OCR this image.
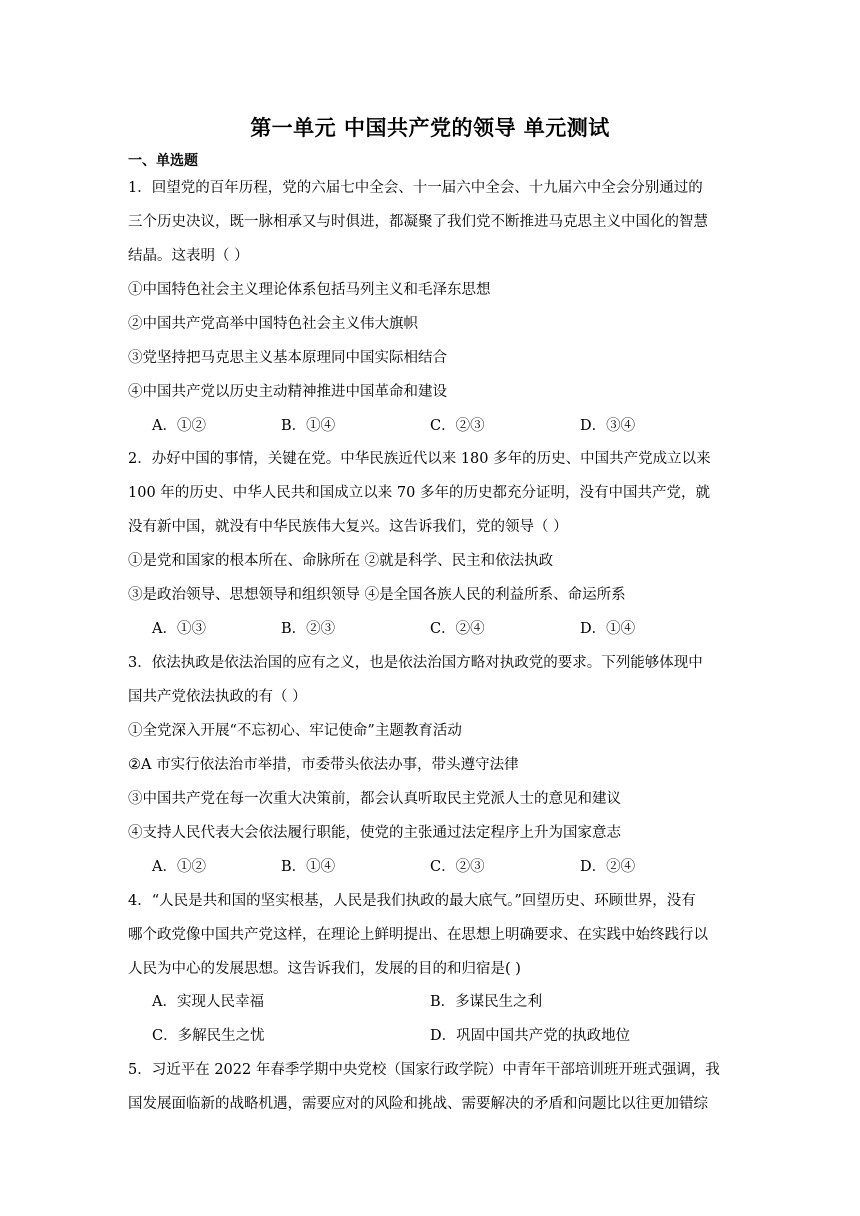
第一单元 中国共产党的领导 单元测试
一、单选题
1．回望党的百年历程，党的六届七中全会、十一届六中全会、十九届六中全会分别通过的
三个历史决议，既一脉相承又与时俱进，都凝聚了我们党不断推进马克思主义中国化的智慧
结晶。这表明（ ）
①中国特色社会主义理论体系包括马列主义和毛泽东思想
②中国共产党高举中国特色社会主义伟大旗帜
③党坚持把马克思主义基本原理同中国实际相结合
④中国共产党以历史主动精神推进中国革命和建设
A．①②	B．①④	C．②③	D．③④
2．办好中国的事情，关键在党。中华民族近代以来 180 多年的历史、中国共产党成立以来
100 年的历史、中华人民共和国成立以来 70 多年的历史都充分证明，没有中国共产党，就
没有新中国，就没有中华民族伟大复兴。这告诉我们，党的领导（ ）
①是党和国家的根本所在、命脉所在 ②就是科学、民主和依法执政
③是政治领导、思想领导和组织领导 ④是全国各族人民的利益所系、命运所系
A．①③	B．②③	C．②④	D．①④
3．依法执政是依法治国的应有之义，也是依法治国方略对执政党的要求。下列能够体现中
国共产党依法执政的有（ ）
①全党深入开展“不忘初心、牢记使命”主题教育活动
②A 市实行依法治市举措，市委带头依法办事，带头遵守法律
③中国共产党在每一次重大决策前，都会认真听取民主党派人士的意见和建议
④支持人民代表大会依法履行职能，使党的主张通过法定程序上升为国家意志
A．①②	B．①④	C．②③	D．②④
4．“人民是共和国的坚实根基，人民是我们执政的最大底气。”回望历史、环顾世界，没有
哪个政党像中国共产党这样，在理论上鲜明提出、在思想上明确要求、在实践中始终践行以
人民为中心的发展思想。这告诉我们，发展的目的和归宿是( )
A．实现人民幸福	B．多谋民生之利
C．多解民生之忧	D．巩固中国共产党的执政地位
5．习近平在 2022 年春季学期中央党校（国家行政学院）中青年干部培训班开班式强调，我
国发展面临新的战略机遇，需要应对的风险和挑战、需要解决的矛盾和问题比以往更加错综
